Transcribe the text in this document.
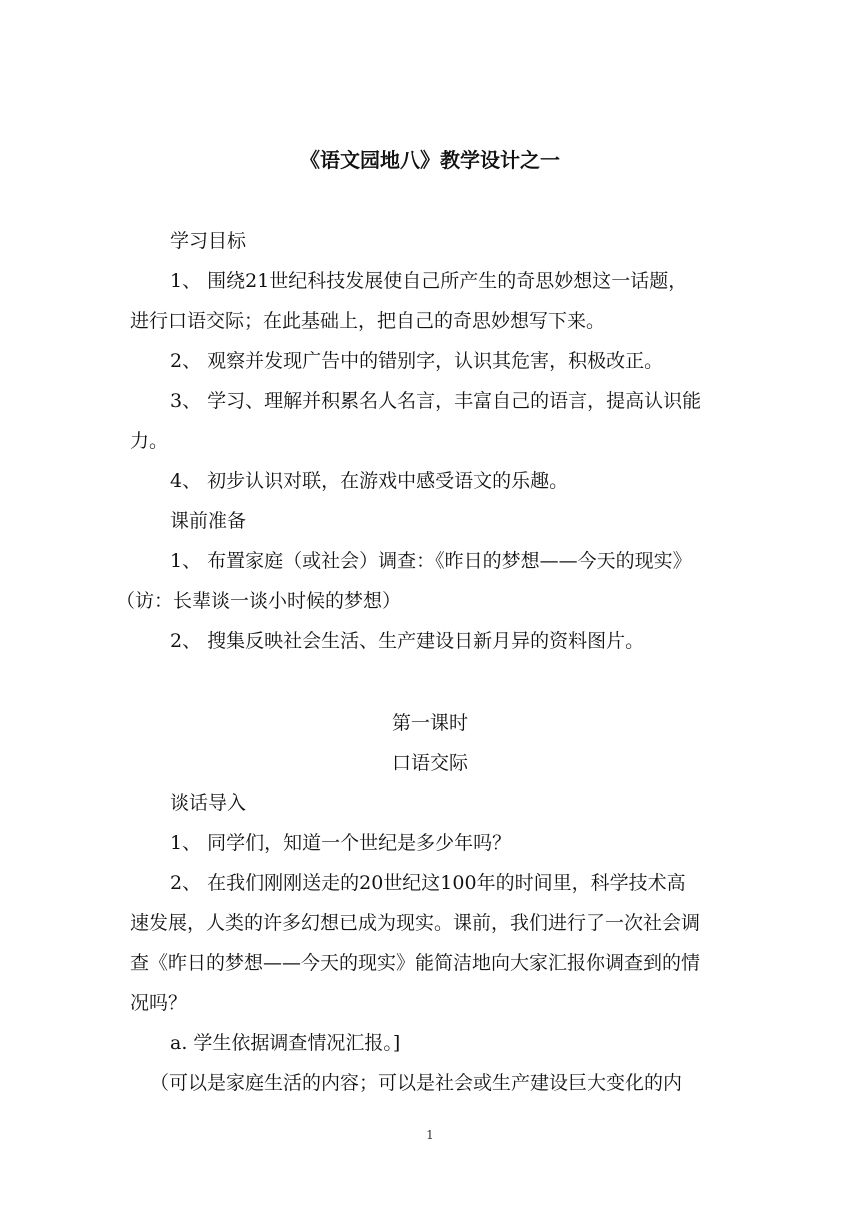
《语文园地八》教学设计之一
学习目标
1、 围绕21世纪科技发展使自己所产生的奇思妙想这一话题，
进行口语交际；在此基础上，把自己的奇思妙想写下来。
2、 观察并发现广告中的错别字，认识其危害，积极改正。
3、 学习、理解并积累名人名言，丰富自己的语言，提高认识能
力。
4、 初步认识对联，在游戏中感受语文的乐趣。
课前准备
1、 布置家庭（或社会）调查：《昨日的梦想——今天的现实》
（访：长辈谈一谈小时候的梦想）
2、 搜集反映社会生活、生产建设日新月异的资料图片。
第一课时
口语交际
谈话导入
1、 同学们，知道一个世纪是多少年吗？
2、 在我们刚刚送走的20世纪这100年的时间里，科学技术高
速发展，人类的许多幻想已成为现实。课前，我们进行了一次社会调
查《昨日的梦想——今天的现实》能简洁地向大家汇报你调查到的情
况吗？
a. 学生依据调查情况汇报。]
（可以是家庭生活的内容；可以是社会或生产建设巨大变化的内
1
